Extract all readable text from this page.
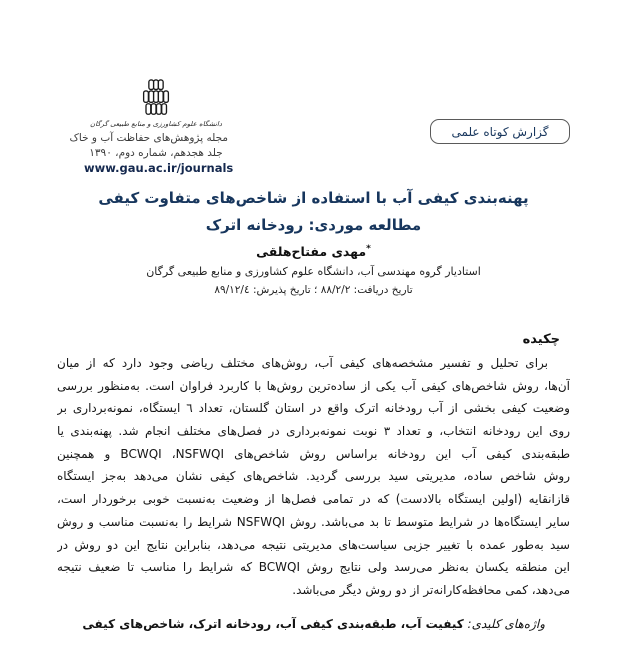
دانشگاه علوم کشاورزی و منابع طبیعی گرگان
مجله پژوهش‌های حفاظت آب و خاک
جلد هجدهم، شماره دوم، ١٣٩٠
www.gau.ac.ir/journals
گزارش کوتاه علمی
پهنه‌بندی کیفی آب با استفاده از شاخص‌های متفاوت کیفی
مطالعه موردی: رودخانه اترک
*مهدی مفتاح‌هلقی
استادیار گروه مهندسی آب، دانشگاه علوم کشاورزی و منابع طبیعی گرگان
تاریخ دریافت: ٨٨/٢/٢ ؛ تاریخ پذیرش: ٨٩/١٢/٤
چکیده
برای تحلیل و تفسیر مشخصه‌های کیفی آب، روش‌های مختلف ریاضی وجود دارد که از میان
آن‌ها، روش شاخص‌های کیفی آب یکی از ساده‌ترین روش‌ها با کاربرد فراوان است. به‌منظور بررسی
وضعیت کیفی بخشی از آب رودخانه اترک واقع در استان گلستان، تعداد ٦ ایستگاه، نمونه‌برداری بر
روی این رودخانه انتخاب، و تعداد ٣ نوبت نمونه‌برداری در فصل‌های مختلف انجام شد. پهنه‌بندی یا
طبقه‌بندی کیفی آب این رودخانه براساس روش شاخص‌های NSFWQI‏، BCWQI و همچنین
روش شاخص ساده، مدیریتی سید بررسی گردید. شاخص‌های کیفی نشان می‌دهد به‌جز ایستگاه
قازانقایه (اولین ایستگاه بالادست) که در تمامی فصل‌ها از وضعیت به‌نسبت خوبی برخوردار است،
سایر ایستگاه‌ها در شرایط متوسط تا بد می‌باشد. روش NSFWQI شرایط را به‌نسبت مناسب و روش
سید به‌طور عمده با تغییر جزیی سیاست‌های مدیریتی نتیجه می‌دهد، بنابراین نتایج این دو روش در
این منطقه یکسان به‌نظر می‌رسد ولی نتایج روش BCWQI که شرایط را مناسب تا ضعیف نتیجه
می‌دهد، کمی محافظه‌کارانه‌تر از دو روش دیگر می‌باشد.
واژه‌های کلیدی: کیفیت آب، طبقه‌بندی کیفی آب، رودخانه اترک، شاخص‌های کیفی
